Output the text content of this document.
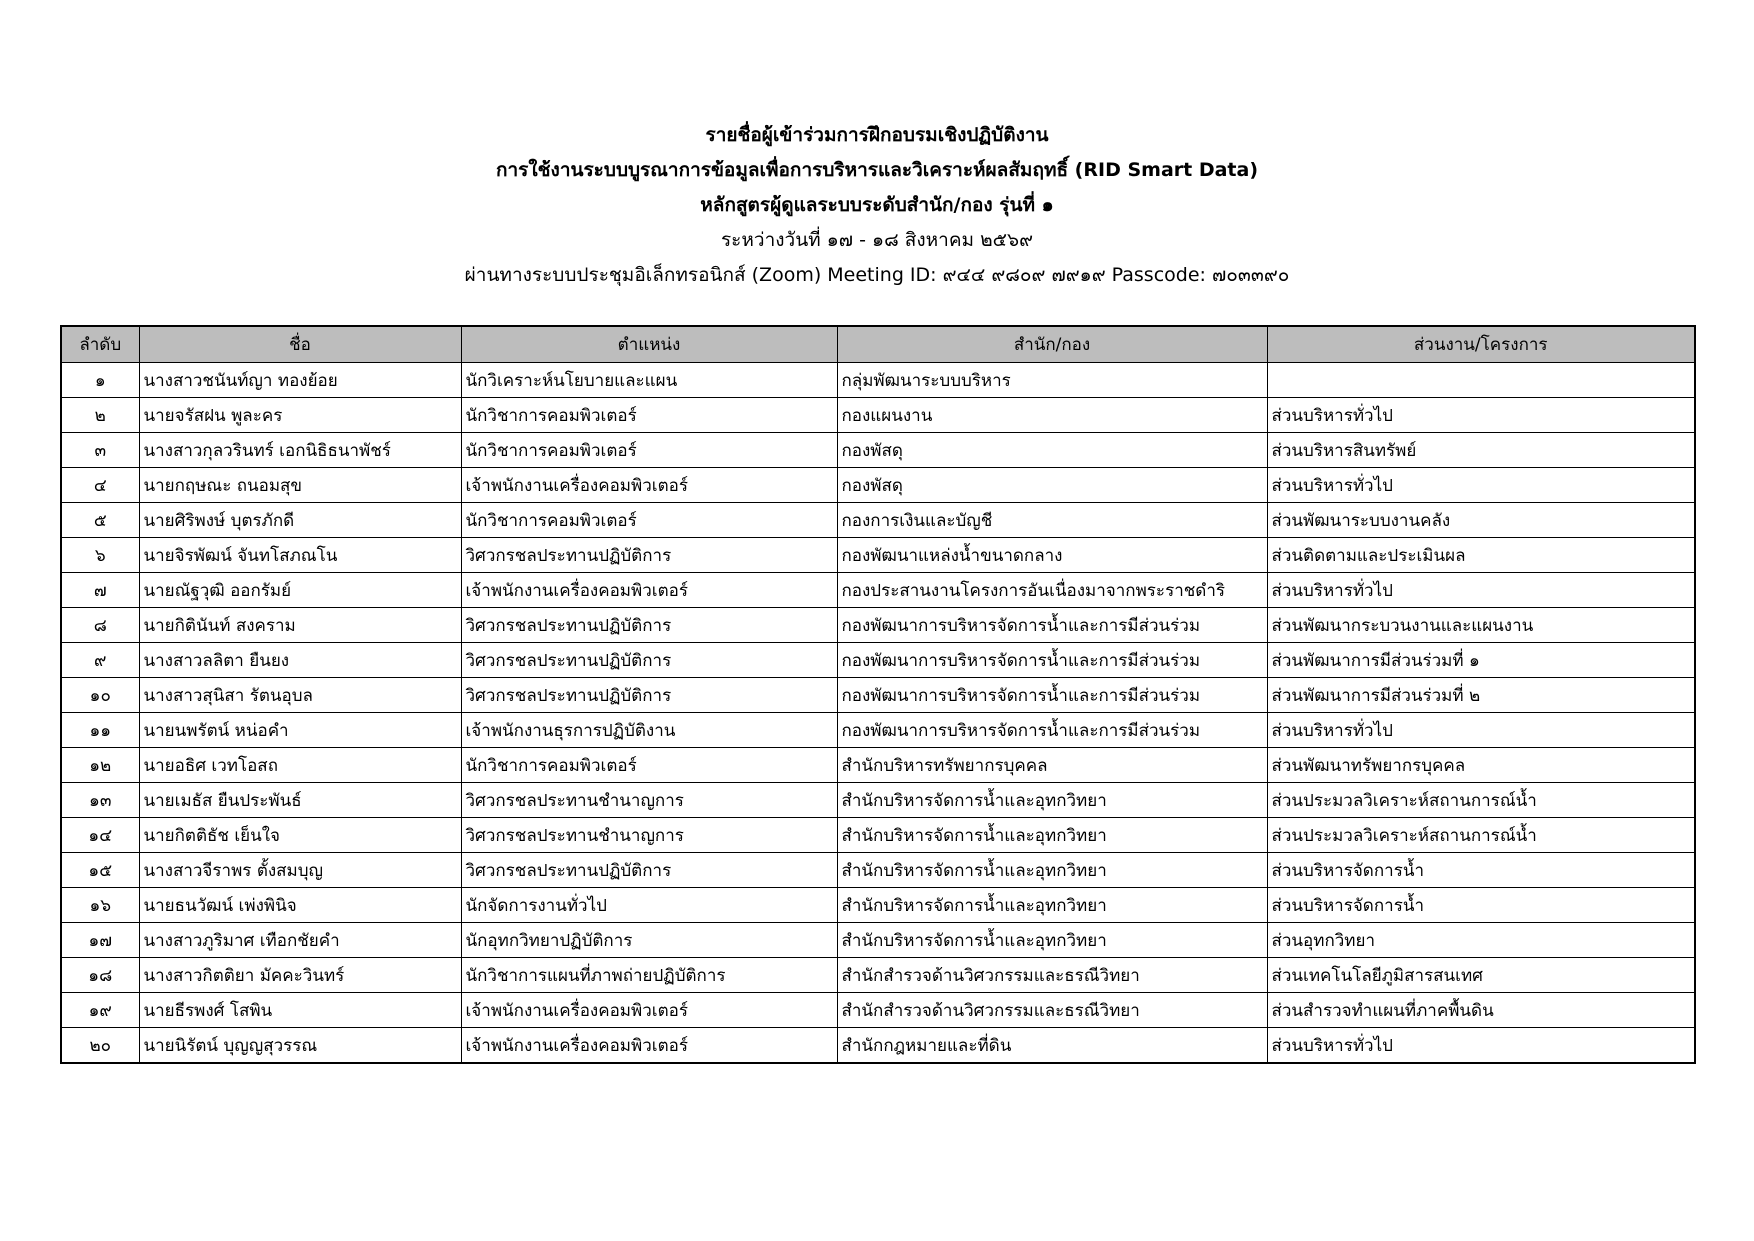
รายชื่อผู้เข้าร่วมการฝึกอบรมเชิงปฏิบัติงาน
การใช้งานระบบบูรณาการข้อมูลเพื่อการบริหารและวิเคราะห์ผลสัมฤทธิ์ (RID Smart Data)
หลักสูตรผู้ดูแลระบบระดับสำนัก/กอง รุ่นที่ ๑
ระหว่างวันที่ ๑๗ - ๑๘ สิงหาคม ๒๕๖๙
ผ่านทางระบบประชุมอิเล็กทรอนิกส์ (Zoom) Meeting ID: ๙๔๔ ๙๘๐๙ ๗๙๑๙ Passcode: ๗๐๓๓๙๐
ลำดับ	ชื่อ	ตำแหน่ง	สำนัก/กอง	ส่วนงาน/โครงการ
๑	นางสาวชนันท์ญา ทองย้อย	นักวิเคราะห์นโยบายและแผน	กลุ่มพัฒนาระบบบริหาร	
๒	นายจรัสฝน พูละคร	นักวิชาการคอมพิวเตอร์	กองแผนงาน	ส่วนบริหารทั่วไป
๓	นางสาวกุลวรินทร์ เอกนิธิธนาพัชร์	นักวิชาการคอมพิวเตอร์	กองพัสดุ	ส่วนบริหารสินทรัพย์
๔	นายกฤษณะ ถนอมสุข	เจ้าพนักงานเครื่องคอมพิวเตอร์	กองพัสดุ	ส่วนบริหารทั่วไป
๕	นายศิริพงษ์ บุตรภักดี	นักวิชาการคอมพิวเตอร์	กองการเงินและบัญชี	ส่วนพัฒนาระบบงานคลัง
๖	นายจิรพัฒน์ จันทโสภณโน	วิศวกรชลประทานปฏิบัติการ	กองพัฒนาแหล่งน้ำขนาดกลาง	ส่วนติดตามและประเมินผล
๗	นายณัฐวุฒิ ออกรัมย์	เจ้าพนักงานเครื่องคอมพิวเตอร์	กองประสานงานโครงการอันเนื่องมาจากพระราชดำริ	ส่วนบริหารทั่วไป
๘	นายกิตินันท์ สงคราม	วิศวกรชลประทานปฏิบัติการ	กองพัฒนาการบริหารจัดการน้ำและการมีส่วนร่วม	ส่วนพัฒนากระบวนงานและแผนงาน
๙	นางสาวลลิตา ยืนยง	วิศวกรชลประทานปฏิบัติการ	กองพัฒนาการบริหารจัดการน้ำและการมีส่วนร่วม	ส่วนพัฒนาการมีส่วนร่วมที่ ๑
๑๐	นางสาวสุนิสา รัตนอุบล	วิศวกรชลประทานปฏิบัติการ	กองพัฒนาการบริหารจัดการน้ำและการมีส่วนร่วม	ส่วนพัฒนาการมีส่วนร่วมที่ ๒
๑๑	นายนพรัตน์ หน่อคำ	เจ้าพนักงานธุรการปฏิบัติงาน	กองพัฒนาการบริหารจัดการน้ำและการมีส่วนร่วม	ส่วนบริหารทั่วไป
๑๒	นายอธิศ เวทโอสถ	นักวิชาการคอมพิวเตอร์	สำนักบริหารทรัพยากรบุคคล	ส่วนพัฒนาทรัพยากรบุคคล
๑๓	นายเมธัส ยืนประพันธ์	วิศวกรชลประทานชำนาญการ	สำนักบริหารจัดการน้ำและอุทกวิทยา	ส่วนประมวลวิเคราะห์สถานการณ์น้ำ
๑๔	นายกิตติธัช เย็นใจ	วิศวกรชลประทานชำนาญการ	สำนักบริหารจัดการน้ำและอุทกวิทยา	ส่วนประมวลวิเคราะห์สถานการณ์น้ำ
๑๕	นางสาวจีราพร ตั้งสมบุญ	วิศวกรชลประทานปฏิบัติการ	สำนักบริหารจัดการน้ำและอุทกวิทยา	ส่วนบริหารจัดการน้ำ
๑๖	นายธนวัฒน์ เพ่งพินิจ	นักจัดการงานทั่วไป	สำนักบริหารจัดการน้ำและอุทกวิทยา	ส่วนบริหารจัดการน้ำ
๑๗	นางสาวภูริมาศ เทือกชัยคำ	นักอุทกวิทยาปฏิบัติการ	สำนักบริหารจัดการน้ำและอุทกวิทยา	ส่วนอุทกวิทยา
๑๘	นางสาวกิตติยา มัคคะวินทร์	นักวิชาการแผนที่ภาพถ่ายปฏิบัติการ	สำนักสำรวจด้านวิศวกรรมและธรณีวิทยา	ส่วนเทคโนโลยีภูมิสารสนเทศ
๑๙	นายธีรพงศ์ โสพิน	เจ้าพนักงานเครื่องคอมพิวเตอร์	สำนักสำรวจด้านวิศวกรรมและธรณีวิทยา	ส่วนสำรวจทำแผนที่ภาคพื้นดิน
๒๐	นายนิรัตน์ บุญญสุวรรณ	เจ้าพนักงานเครื่องคอมพิวเตอร์	สำนักกฎหมายและที่ดิน	ส่วนบริหารทั่วไป
